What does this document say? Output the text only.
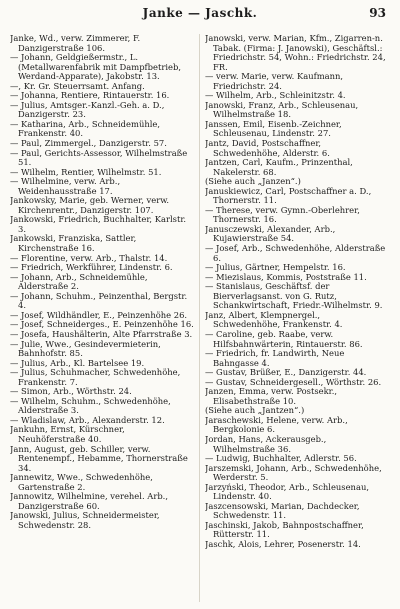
Janke — Jaschk.	93

Janke, Wd., verw. Zimmerer, F. Danzigerstraße 106.

— Johann, Geldgießermstr., L. (Metallwarenfabrik mit Dampfbetrieb, Werdand-Apparate), Jakobstr. 13.

—, Kr. Gr. Steuerrsamt. Anfang.

— Johanna, Rentiere, Rintauerstr. 16.

— Julius, Amtsger.-Kanzl.-Geh. a. D., Danzigerstr. 23.

— Katharina, Arb., Schneidemühle, Frankenstr. 40.

— Paul, Zimmergel., Danzigerstr. 57.

— Paul, Gerichts-Assessor, Wilhelmstraße 51.

— Wilhelm, Rentier, Wilhelmstr. 51.

— Wilhelmine, verw. Arb., Weidenhausstraße 17.

Jankowsky, Marie, geb. Werner, verw. Kirchenrentr., Danzigerstr. 107.

Jankowski, Friedrich, Buchhalter, Karlstr. 3.

Jankowski, Franziska, Sattler, Kirchenstraße 16.

— Florentine, verw. Arb., Thalstr. 14.

— Friedrich, Werkführer, Lindenstr. 6.

— Johann, Arb., Schneidemühle, Alderstraße 2.

— Johann, Schuhm., Peinzenthal, Bergstr. 4.

— Josef, Wildhändler, E., Peinzenhöhe 26.

— Josef, Schneiderges., E. Peinzenhöhe 16.

— Josefa, Haushälterin, Alte Pfarrstraße 3.

— Julie, Wwe., Gesindevermieterin, Bahnhofstr. 85.

— Julius, Arb., Kl. Bartelsee 19.

— Julius, Schuhmacher, Schwedenhöhe, Frankenstr. 7.

— Simon, Arb., Wörthstr. 24.

— Wilhelm, Schuhm., Schwedenhöhe, Alderstraße 3.

— Wladislaw, Arb., Alexanderstr. 12.

Jankuhn, Ernst, Kürschner, Neuhöferstraße 40.

Jann, August, geb. Schiller, verw. Rentenempf., Hebamme, Thornerstraße 34.

Jannewitz, Wwe., Schwedenhöhe, Gartenstraße 2.

Jannowitz, Wilhelmine, verehel. Arb., Danzigerstraße 60.

Janowski, Julius, Schneidermeister, Schwedenstr. 28.

Janowski, verw. Marian, Kfm., Zigarren-n. Tabak. (Firma: J. Janowski), Geschäftsl.: Friedrichstr. 54, Wohn.: Friedrichstr. 24, FR.

— verw. Marie, verw. Kaufmann, Friedrichstr. 24.

— Wilhelm, Arb., Schleinitzstr. 4.

Janowski, Franz, Arb., Schleusenau, Wilhelmstraße 18.

Janssen, Emil, Eisenb.-Zeichner, Schleusenau, Lindenstr. 27.

Jantz, David, Postschaffner, Schwedenhöhe, Alderstr. 6.

Jantzen, Carl, Kaufm., Prinzenthal, Nakelerstr. 68.

(Siehe auch „Janzen“.)

Januskiewicz, Carl, Postschaffner a. D., Thornerstr. 11.

— Therese, verw. Gymn.-Oberlehrer, Thornerstr. 16.

Janusczewski, Alexander, Arb., Kujawierstraße 54.

— Josef, Arb., Schwedenhöhe, Alderstraße 6.

— Julius, Gärtner, Hempelstr. 16.

— Miezislaus, Kommis, Poststraße 11.

— Stanislaus, Geschäftsf. der Bierverlagsanst. von G. Rutz, Schankwirtschaft, Friedr.-Wilhelmstr. 9.

Janz, Albert, Klempnergel., Schwedenhöhe, Frankenstr. 4.

— Caroline, geb. Raabe, verw. Hilfsbahnwärterin, Rintauerstr. 86.

— Friedrich, fr. Landwirth, Neue Bahngasse 4.

— Gustav, Brüßer, E., Danzigerstr. 44.

— Gustav, Schneidergesell., Wörthstr. 26.

Janzen, Emma, verw. Postsekr., Elisabethstraße 10.

(Siehe auch „Jantzen“.)

Jaraschewski, Helene, verw. Arb., Bergkolonie 6.

Jordan, Hans, Ackerausgeb., Wilhelmstraße 36.

— Ludwig, Buchhalter, Adlerstr. 56.

Jarszemski, Johann, Arb., Schwedenhöhe, Werderstr. 5.

Jarzyński, Theodor, Arb., Schleusenau, Lindenstr. 40.

Jaszcensowski, Marian, Dachdecker, Schwedenstr. 11.

Jaschinski, Jakob, Bahnpostschaffner, Rütterstr. 11.

Jaschk, Alois, Lehrer, Posenerstr. 14.
